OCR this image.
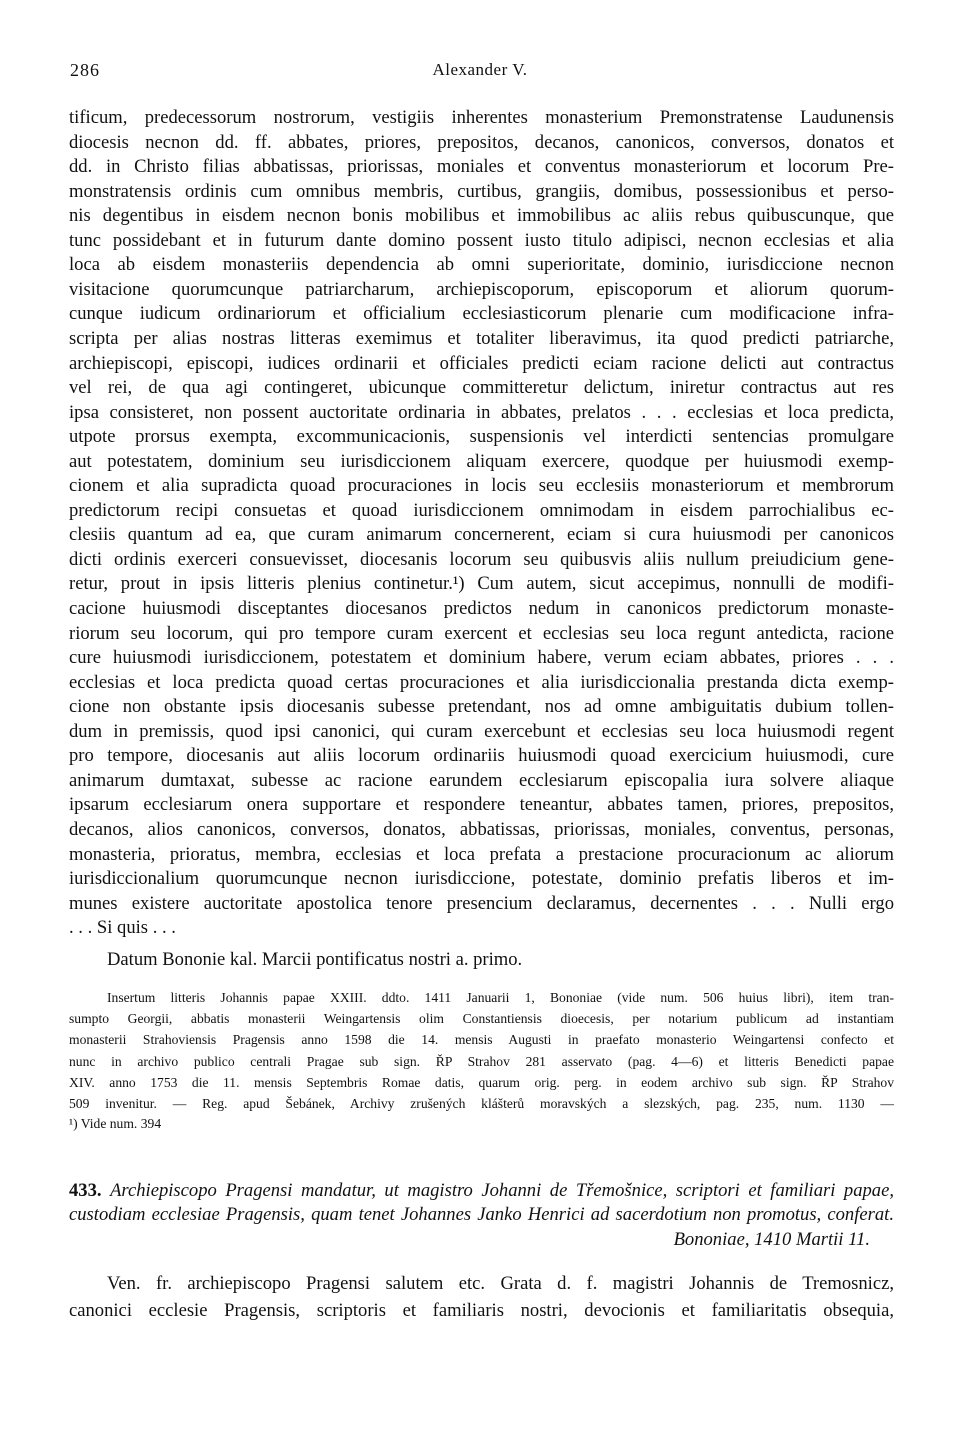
286	Alexander V.
tificum, predecessorum nostrorum, vestigiis inherentes monasterium Premonstratense Laudunensis
diocesis necnon dd. ff. abbates, priores, prepositos, decanos, canonicos, conversos, donatos et
dd. in Christo filias abbatissas, priorissas, moniales et conventus monasteriorum et locorum Pre-
monstratensis ordinis cum omnibus membris, curtibus, grangiis, domibus, possessionibus et perso-
nis degentibus in eisdem necnon bonis mobilibus et immobilibus ac aliis rebus quibuscunque, que
tunc possidebant et in futurum dante domino possent iusto titulo adipisci, necnon ecclesias et alia
loca ab eisdem monasteriis dependencia ab omni superioritate, dominio, iurisdiccione necnon
visitacione quorumcunque patriarcharum, archiepiscoporum, episcoporum et aliorum quorum-
cunque iudicum ordinariorum et officialium ecclesiasticorum plenarie cum modificacione infra-
scripta per alias nostras litteras exemimus et totaliter liberavimus, ita quod predicti patriarche,
archiepiscopi, episcopi, iudices ordinarii et officiales predicti eciam racione delicti aut contractus
vel rei, de qua agi contingeret, ubicunque committeretur delictum, iniretur contractus aut res
ipsa consisteret, non possent auctoritate ordinaria in abbates, prelatos . . . ecclesias et loca predicta,
utpote prorsus exempta, excommunicacionis, suspensionis vel interdicti sentencias promulgare
aut potestatem, dominium seu iurisdiccionem aliquam exercere, quodque per huiusmodi exemp-
cionem et alia supradicta quoad procuraciones in locis seu ecclesiis monasteriorum et membrorum
predictorum recipi consuetas et quoad iurisdiccionem omnimodam in eisdem parrochialibus ec-
clesiis quantum ad ea, que curam animarum concernerent, eciam si cura huiusmodi per canonicos
dicti ordinis exerceri consuevisset, diocesanis locorum seu quibusvis aliis nullum preiudicium gene-
retur, prout in ipsis litteris plenius continetur.¹) Cum autem, sicut accepimus, nonnulli de modifi-
cacione huiusmodi disceptantes diocesanos predictos nedum in canonicos predictorum monaste-
riorum seu locorum, qui pro tempore curam exercent et ecclesias seu loca regunt antedicta, racione
cure huiusmodi iurisdiccionem, potestatem et dominium habere, verum eciam abbates, priores . . .
ecclesias et loca predicta quoad certas procuraciones et alia iurisdiccionalia prestanda dicta exemp-
cione non obstante ipsis diocesanis subesse pretendant, nos ad omne ambiguitatis dubium tollen-
dum in premissis, quod ipsi canonici, qui curam exercebunt et ecclesias seu loca huiusmodi regent
pro tempore, diocesanis aut aliis locorum ordinariis huiusmodi quoad exercicium huiusmodi, cure
animarum dumtaxat, subesse ac racione earundem ecclesiarum episcopalia iura solvere aliaque
ipsarum ecclesiarum onera supportare et respondere teneantur, abbates tamen, priores, prepositos,
decanos, alios canonicos, conversos, donatos, abbatissas, priorissas, moniales, conventus, personas,
monasteria, prioratus, membra, ecclesias et loca prefata a prestacione procuracionum ac aliorum
iurisdiccionalium quorumcunque necnon iurisdiccione, potestate, dominio prefatis liberos et im-
munes existere auctoritate apostolica tenore presencium declaramus, decernentes . . . Nulli ergo
. . . Si quis . . .
Datum Bononie kal. Marcii pontificatus nostri a. primo.
Insertum litteris Johannis papae XXIII. ddto. 1411 Januarii 1, Bononiae (vide num. 506 huius libri), item tran-
sumpto Georgii, abbatis monasterii Weingartensis olim Constantiensis dioecesis, per notarium publicum ad instantiam
monasterii Strahoviensis Pragensis anno 1598 die 14. mensis Augusti in praefato monasterio Weingartensi confecto et
nunc in archivo publico centrali Pragae sub sign. ŘP Strahov 281 asservato (pag. 4—6) et litteris Benedicti papae
XIV. anno 1753 die 11. mensis Septembris Romae datis, quarum orig. perg. in eodem archivo sub sign. ŘP Strahov
509 invenitur. — Reg. apud Šebánek, Archivy zrušených klášterů moravských a slezských, pag. 235, num. 1130 —
¹) Vide num. 394
433. Archiepiscopo Pragensi mandatur, ut magistro Johanni de Třemošnice, scriptori et familiari papae,
custodiam ecclesiae Pragensis, quam tenet Johannes Janko Henrici ad sacerdotium non promotus, conferat.
Bononiae, 1410 Martii 11.
Ven. fr. archiepiscopo Pragensi salutem etc. Grata d. f. magistri Johannis de Tremosnicz,
canonici ecclesie Pragensis, scriptoris et familiaris nostri, devocionis et familiaritatis obsequia,
